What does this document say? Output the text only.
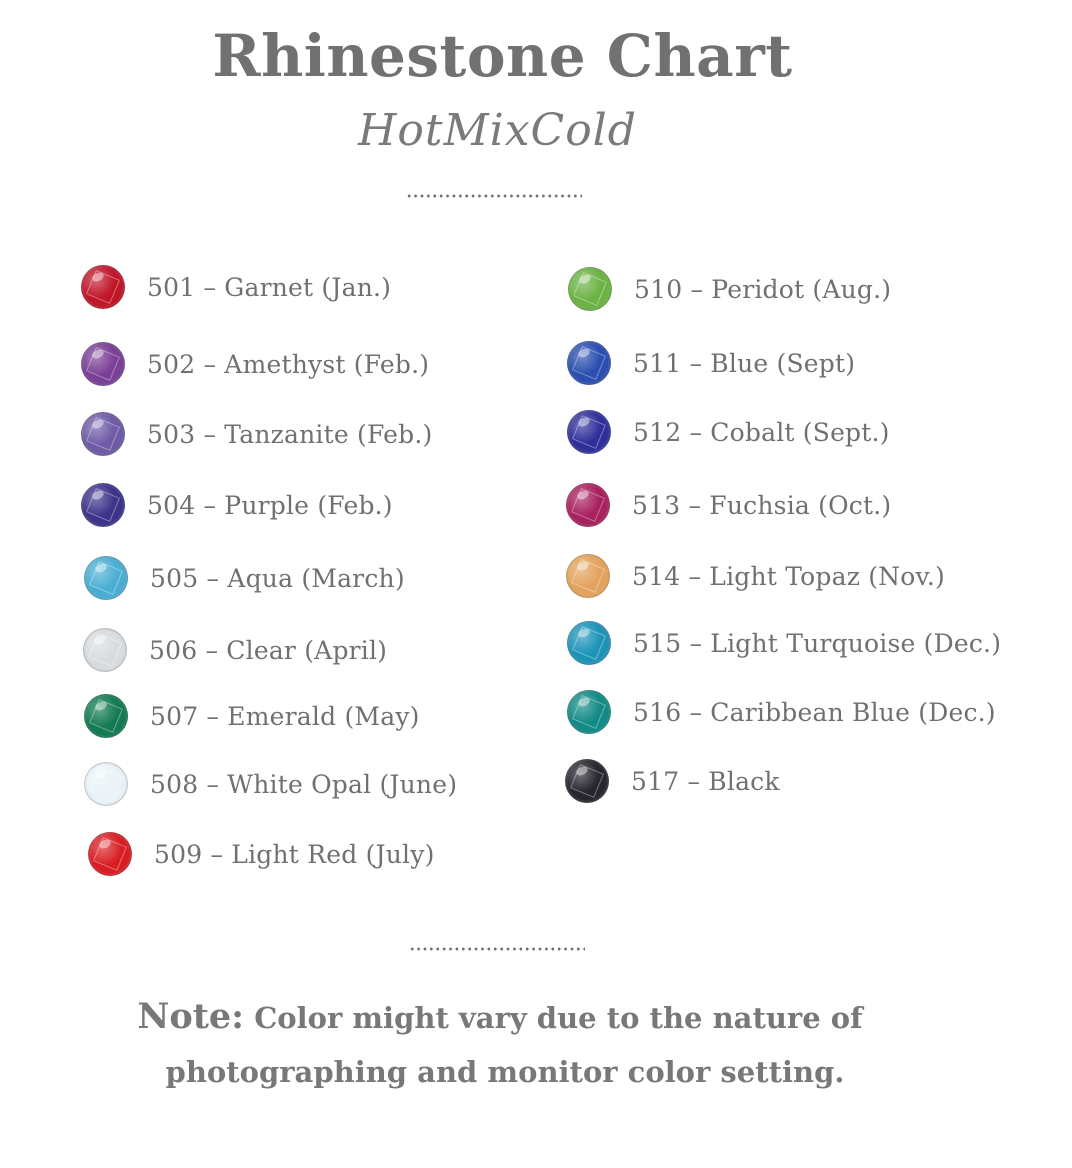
Rhinestone Chart
HotMixCold
501 – Garnet (Jan.)
502 – Amethyst (Feb.)
503 – Tanzanite (Feb.)
504 – Purple (Feb.)
505 – Aqua (March)
506 – Clear (April)
507 – Emerald (May)
508 – White Opal (June)
509 – Light Red (July)
510 – Peridot (Aug.)
511 – Blue (Sept)
512 – Cobalt (Sept.)
513 – Fuchsia (Oct.)
514 – Light Topaz (Nov.)
515 – Light Turquoise (Dec.)
516 – Caribbean Blue (Dec.)
517 – Black
Note: Color might vary due to the nature of
photographing and monitor color setting.
